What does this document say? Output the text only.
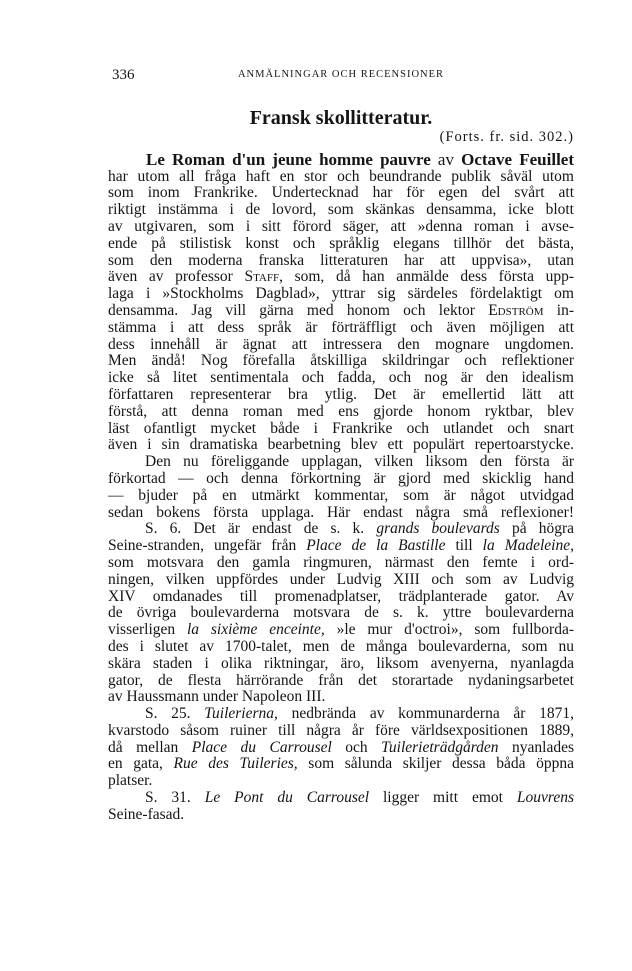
336	ANMÄLNINGAR OCH RECENSIONER
Fransk skollitteratur.
(Forts. fr. sid. 302.)
Le Roman d'un jeune homme pauvre av Octave Feuillet
har utom all fråga haft en stor och beundrande publik såväl utom
som inom Frankrike. Undertecknad har för egen del svårt att
riktigt instämma i de lovord, som skänkas densamma, icke blott
av utgivaren, som i sitt förord säger, att »denna roman i avse-
ende på stilistisk konst och språklig elegans tillhör det bästa,
som den moderna franska litteraturen har att uppvisa», utan
även av professor Staff, som, då han anmälde dess första upp-
laga i »Stockholms Dagblad», yttrar sig särdeles fördelaktigt om
densamma. Jag vill gärna med honom och lektor Edström in-
stämma i att dess språk är förträffligt och även möjligen att
dess innehåll är ägnat att intressera den mognare ungdomen.
Men ändå! Nog förefalla åtskilliga skildringar och reflektioner
icke så litet sentimentala och fadda, och nog är den idealism
författaren representerar bra ytlig. Det är emellertid lätt att
förstå, att denna roman med ens gjorde honom ryktbar, blev
läst ofantligt mycket både i Frankrike och utlandet och snart
även i sin dramatiska bearbetning blev ett populärt repertoarstycke.
Den nu föreliggande upplagan, vilken liksom den första är
förkortad — och denna förkortning är gjord med skicklig hand
— bjuder på en utmärkt kommentar, som är något utvidgad
sedan bokens första upplaga. Här endast några små reflexioner!
S. 6. Det är endast de s. k. grands boulevards på högra
Seine-stranden, ungefär från Place de la Bastille till la Madeleine,
som motsvara den gamla ringmuren, närmast den femte i ord-
ningen, vilken uppfördes under Ludvig XIII och som av Ludvig
XIV omdanades till promenadplatser, trädplanterade gator. Av
de övriga boulevarderna motsvara de s. k. yttre boulevarderna
visserligen la sixième enceinte, »le mur d'octroi», som fullborda-
des i slutet av 1700-talet, men de många boulevarderna, som nu
skära staden i olika riktningar, äro, liksom avenyerna, nyanlagda
gator, de flesta härrörande från det storartade nydaningsarbetet
av Haussmann under Napoleon III.
S. 25. Tuilerierna, nedbrända av kommunarderna år 1871,
kvarstodo såsom ruiner till några år före världsexpositionen 1889,
då mellan Place du Carrousel och Tuilerieträdgården nyanlades
en gata, Rue des Tuileries, som sålunda skiljer dessa båda öppna
platser.
S. 31. Le Pont du Carrousel ligger mitt emot Louvrens
Seine-fasad.
